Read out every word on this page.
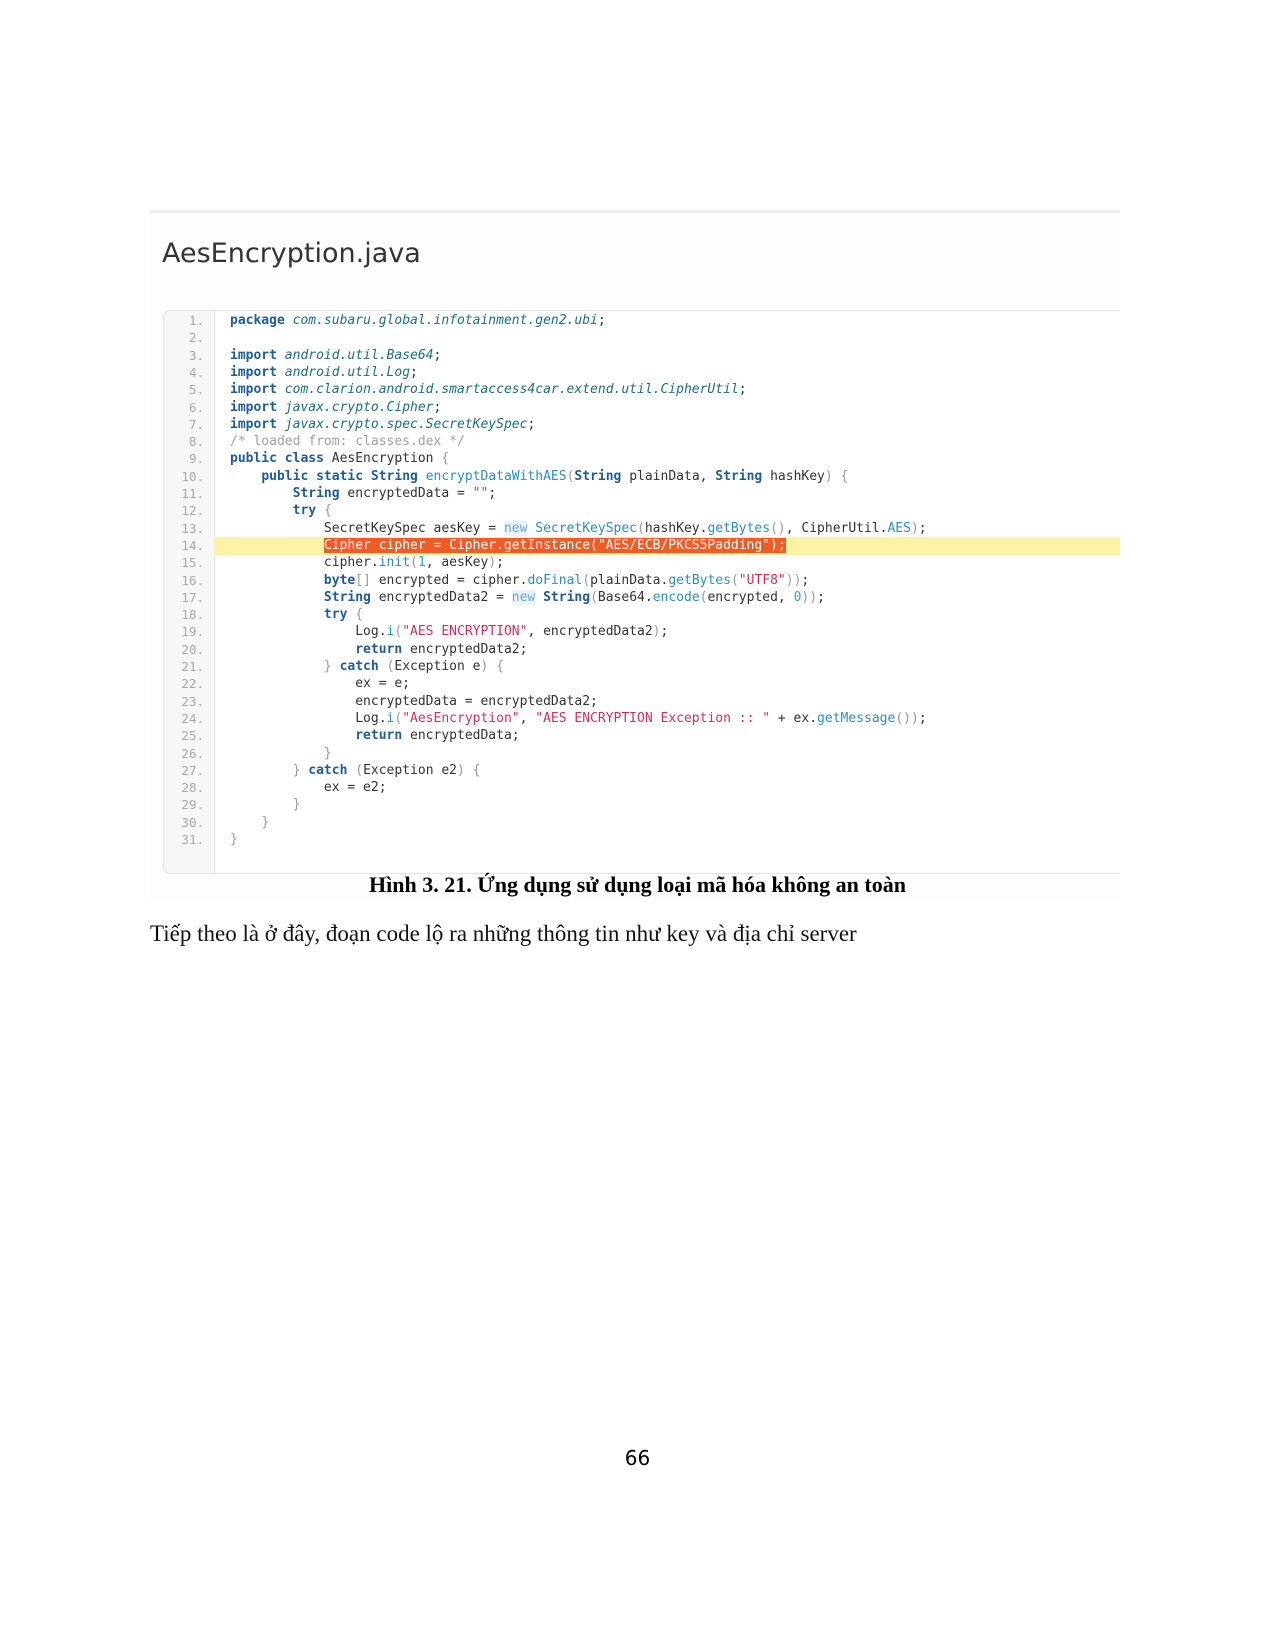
AesEncryption.java
1. package com.subaru.global.infotainment.gen2.ubi;
2.
3. import android.util.Base64;
4. import android.util.Log;
5. import com.clarion.android.smartaccess4car.extend.util.CipherUtil;
6. import javax.crypto.Cipher;
7. import javax.crypto.spec.SecretKeySpec;
8. /* loaded from: classes.dex */
9. public class AesEncryption {
10.	public static String encryptDataWithAES(String plainData, String hashKey) {
11.	String encryptedData = "";
12.	try {
13. SecretKeySpec aesKey = new SecretKeySpec(hashKey.getBytes(), CipherUtil.AES);
14.	Cipher cipher = Cipher.getInstance("AES/ECB/PKCS5Padding");
15. cipher.init(1, aesKey);
16.	byte[] encrypted = cipher.doFinal(plainData.getBytes("UTF8"));
17.	String encryptedData2 = new String(Base64.encode(encrypted, 0));
18.	try {
19. Log.i("AES ENCRYPTION", encryptedData2);
20.	return encryptedData2;
21.	} catch (Exception e) {
22. ex = e;
23. encryptedData = encryptedData2;
24. Log.i("AesEncryption", "AES ENCRYPTION Exception :: " + ex.getMessage());
25.	return encryptedData;
26.	}
27.	} catch (Exception e2) {
28. ex = e2;
29.	}
30.	}
31. }
Hình 3. 21. Ứng dụng sử dụng loại mã hóa không an toàn
Tiếp theo là ở đây, đoạn code lộ ra những thông tin như key và địa chỉ server
66
